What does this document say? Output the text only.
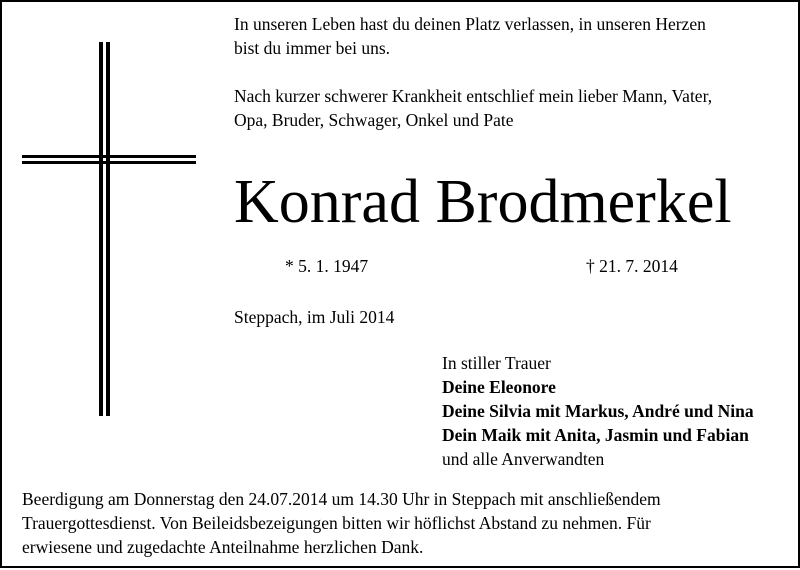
In unseren Leben hast du deinen Platz verlassen, in unseren Herzen
bist du immer bei uns.
Nach kurzer schwerer Krankheit entschlief mein lieber Mann, Vater,
Opa, Bruder, Schwager, Onkel und Pate
Konrad Brodmerkel
* 5. 1. 1947	† 21. 7. 2014
Steppach, im Juli 2014
In stiller Trauer
Deine Eleonore
Deine Silvia mit Markus, André und Nina
Dein Maik mit Anita, Jasmin und Fabian
und alle Anverwandten
Beerdigung am Donnerstag den 24.07.2014 um 14.30 Uhr in Steppach mit anschließendem
Trauergottesdienst. Von Beileidsbezeigungen bitten wir höflichst Abstand zu nehmen. Für
erwiesene und zugedachte Anteilnahme herzlichen Dank.
